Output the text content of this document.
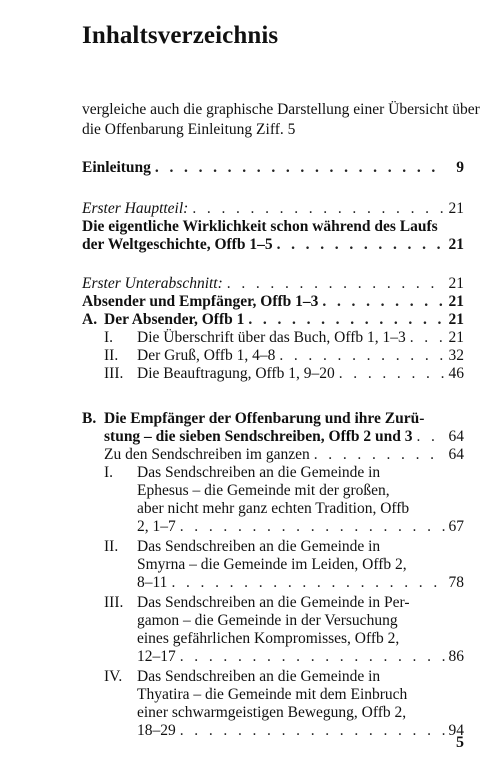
Inhaltsverzeichnis
vergleiche auch die graphische Darstellung einer Übersicht über die Offenbarung Einleitung Ziff. 5
Einleitung . . .	9
Erster Hauptteil: . . .	21
Die eigentliche Wirklichkeit schon während des Laufs
der Weltgeschichte, Offb 1–5 . . .	21
Erster Unterabschnitt: . . .	21
Absender und Empfänger, Offb 1–3 . . .	21
A. Der Absender, Offb 1 . . .	21
I. Die Überschrift über das Buch, Offb 1, 1–3 . . .	21
II. Der Gruß, Offb 1, 4–8 . . .	32
III. Die Beauftragung, Offb 1, 9–20 . . .	46
B. Die Empfänger der Offenbarung und ihre Zurü-
stung – die sieben Sendschreiben, Offb 2 und 3 . . . 64
Zu den Sendschreiben im ganzen . . .	64
I. Das Sendschreiben an die Gemeinde in
Ephesus – die Gemeinde mit der großen,
aber nicht mehr ganz echten Tradition, Offb
2, 1–7 . . .	67
II. Das Sendschreiben an die Gemeinde in
Smyrna – die Gemeinde im Leiden, Offb 2,
8–11 . . .	78
III. Das Sendschreiben an die Gemeinde in Per-
gamon – die Gemeinde in der Versuchung
eines gefährlichen Kompromisses, Offb 2,
12–17 . . .	86
IV. Das Sendschreiben an die Gemeinde in
Thyatira – die Gemeinde mit dem Einbruch
einer schwarmgeistigen Bewegung, Offb 2,
18–29 . . .	94
5
